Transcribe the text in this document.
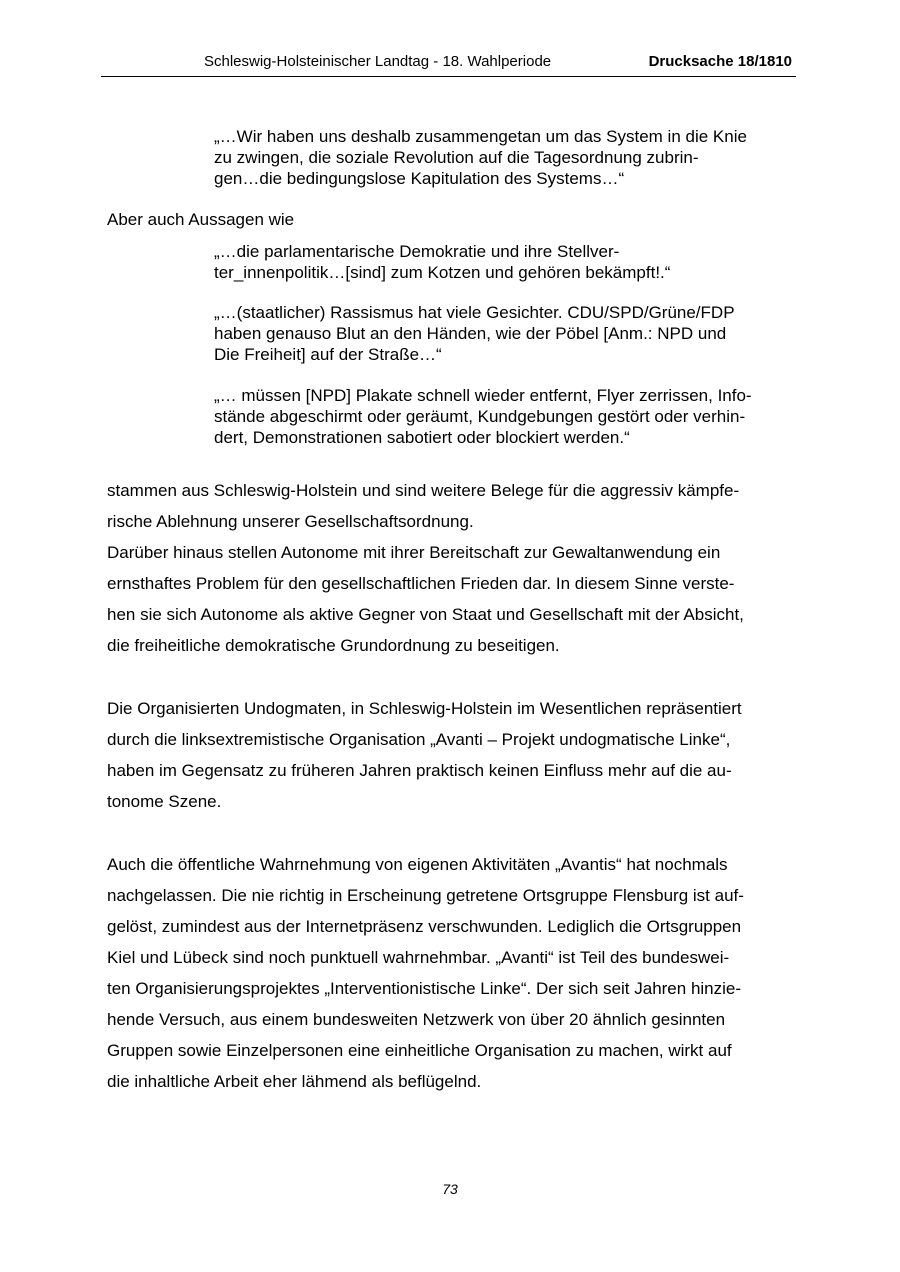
Schleswig-Holsteinischer Landtag - 18. Wahlperiode	Drucksache 18/1810
„…Wir haben uns deshalb zusammengetan um das System in die Knie
zu zwingen, die soziale Revolution auf die Tagesordnung zubrin-
gen…die bedingungslose Kapitulation des Systems…“
Aber auch Aussagen wie
„…die parlamentarische Demokratie und ihre Stellver-
ter_innenpolitik…[sind] zum Kotzen und gehören bekämpft!.“
„…(staatlicher) Rassismus hat viele Gesichter. CDU/SPD/Grüne/FDP
haben genauso Blut an den Händen, wie der Pöbel [Anm.: NPD und
Die Freiheit] auf der Straße…“
„… müssen [NPD] Plakate schnell wieder entfernt, Flyer zerrissen, Info-
stände abgeschirmt oder geräumt, Kundgebungen gestört oder verhin-
dert, Demonstrationen sabotiert oder blockiert werden.“
stammen aus Schleswig-Holstein und sind weitere Belege für die aggressiv kämpfe-
rische Ablehnung unserer Gesellschaftsordnung.
Darüber hinaus stellen Autonome mit ihrer Bereitschaft zur Gewaltanwendung ein
ernsthaftes Problem für den gesellschaftlichen Frieden dar. In diesem Sinne verste-
hen sie sich Autonome als aktive Gegner von Staat und Gesellschaft mit der Absicht,
die freiheitliche demokratische Grundordnung zu beseitigen.
Die Organisierten Undogmaten, in Schleswig-Holstein im Wesentlichen repräsentiert
durch die linksextremistische Organisation „Avanti – Projekt undogmatische Linke“,
haben im Gegensatz zu früheren Jahren praktisch keinen Einfluss mehr auf die au-
tonome Szene.
Auch die öffentliche Wahrnehmung von eigenen Aktivitäten „Avantis“ hat nochmals
nachgelassen. Die nie richtig in Erscheinung getretene Ortsgruppe Flensburg ist auf-
gelöst, zumindest aus der Internetpräsenz verschwunden. Lediglich die Ortsgruppen
Kiel und Lübeck sind noch punktuell wahrnehmbar. „Avanti“ ist Teil des bundeswei-
ten Organisierungsprojektes „Interventionistische Linke“. Der sich seit Jahren hinzie-
hende Versuch, aus einem bundesweiten Netzwerk von über 20 ähnlich gesinnten
Gruppen sowie Einzelpersonen eine einheitliche Organisation zu machen, wirkt auf
die inhaltliche Arbeit eher lähmend als beflügelnd.
73
